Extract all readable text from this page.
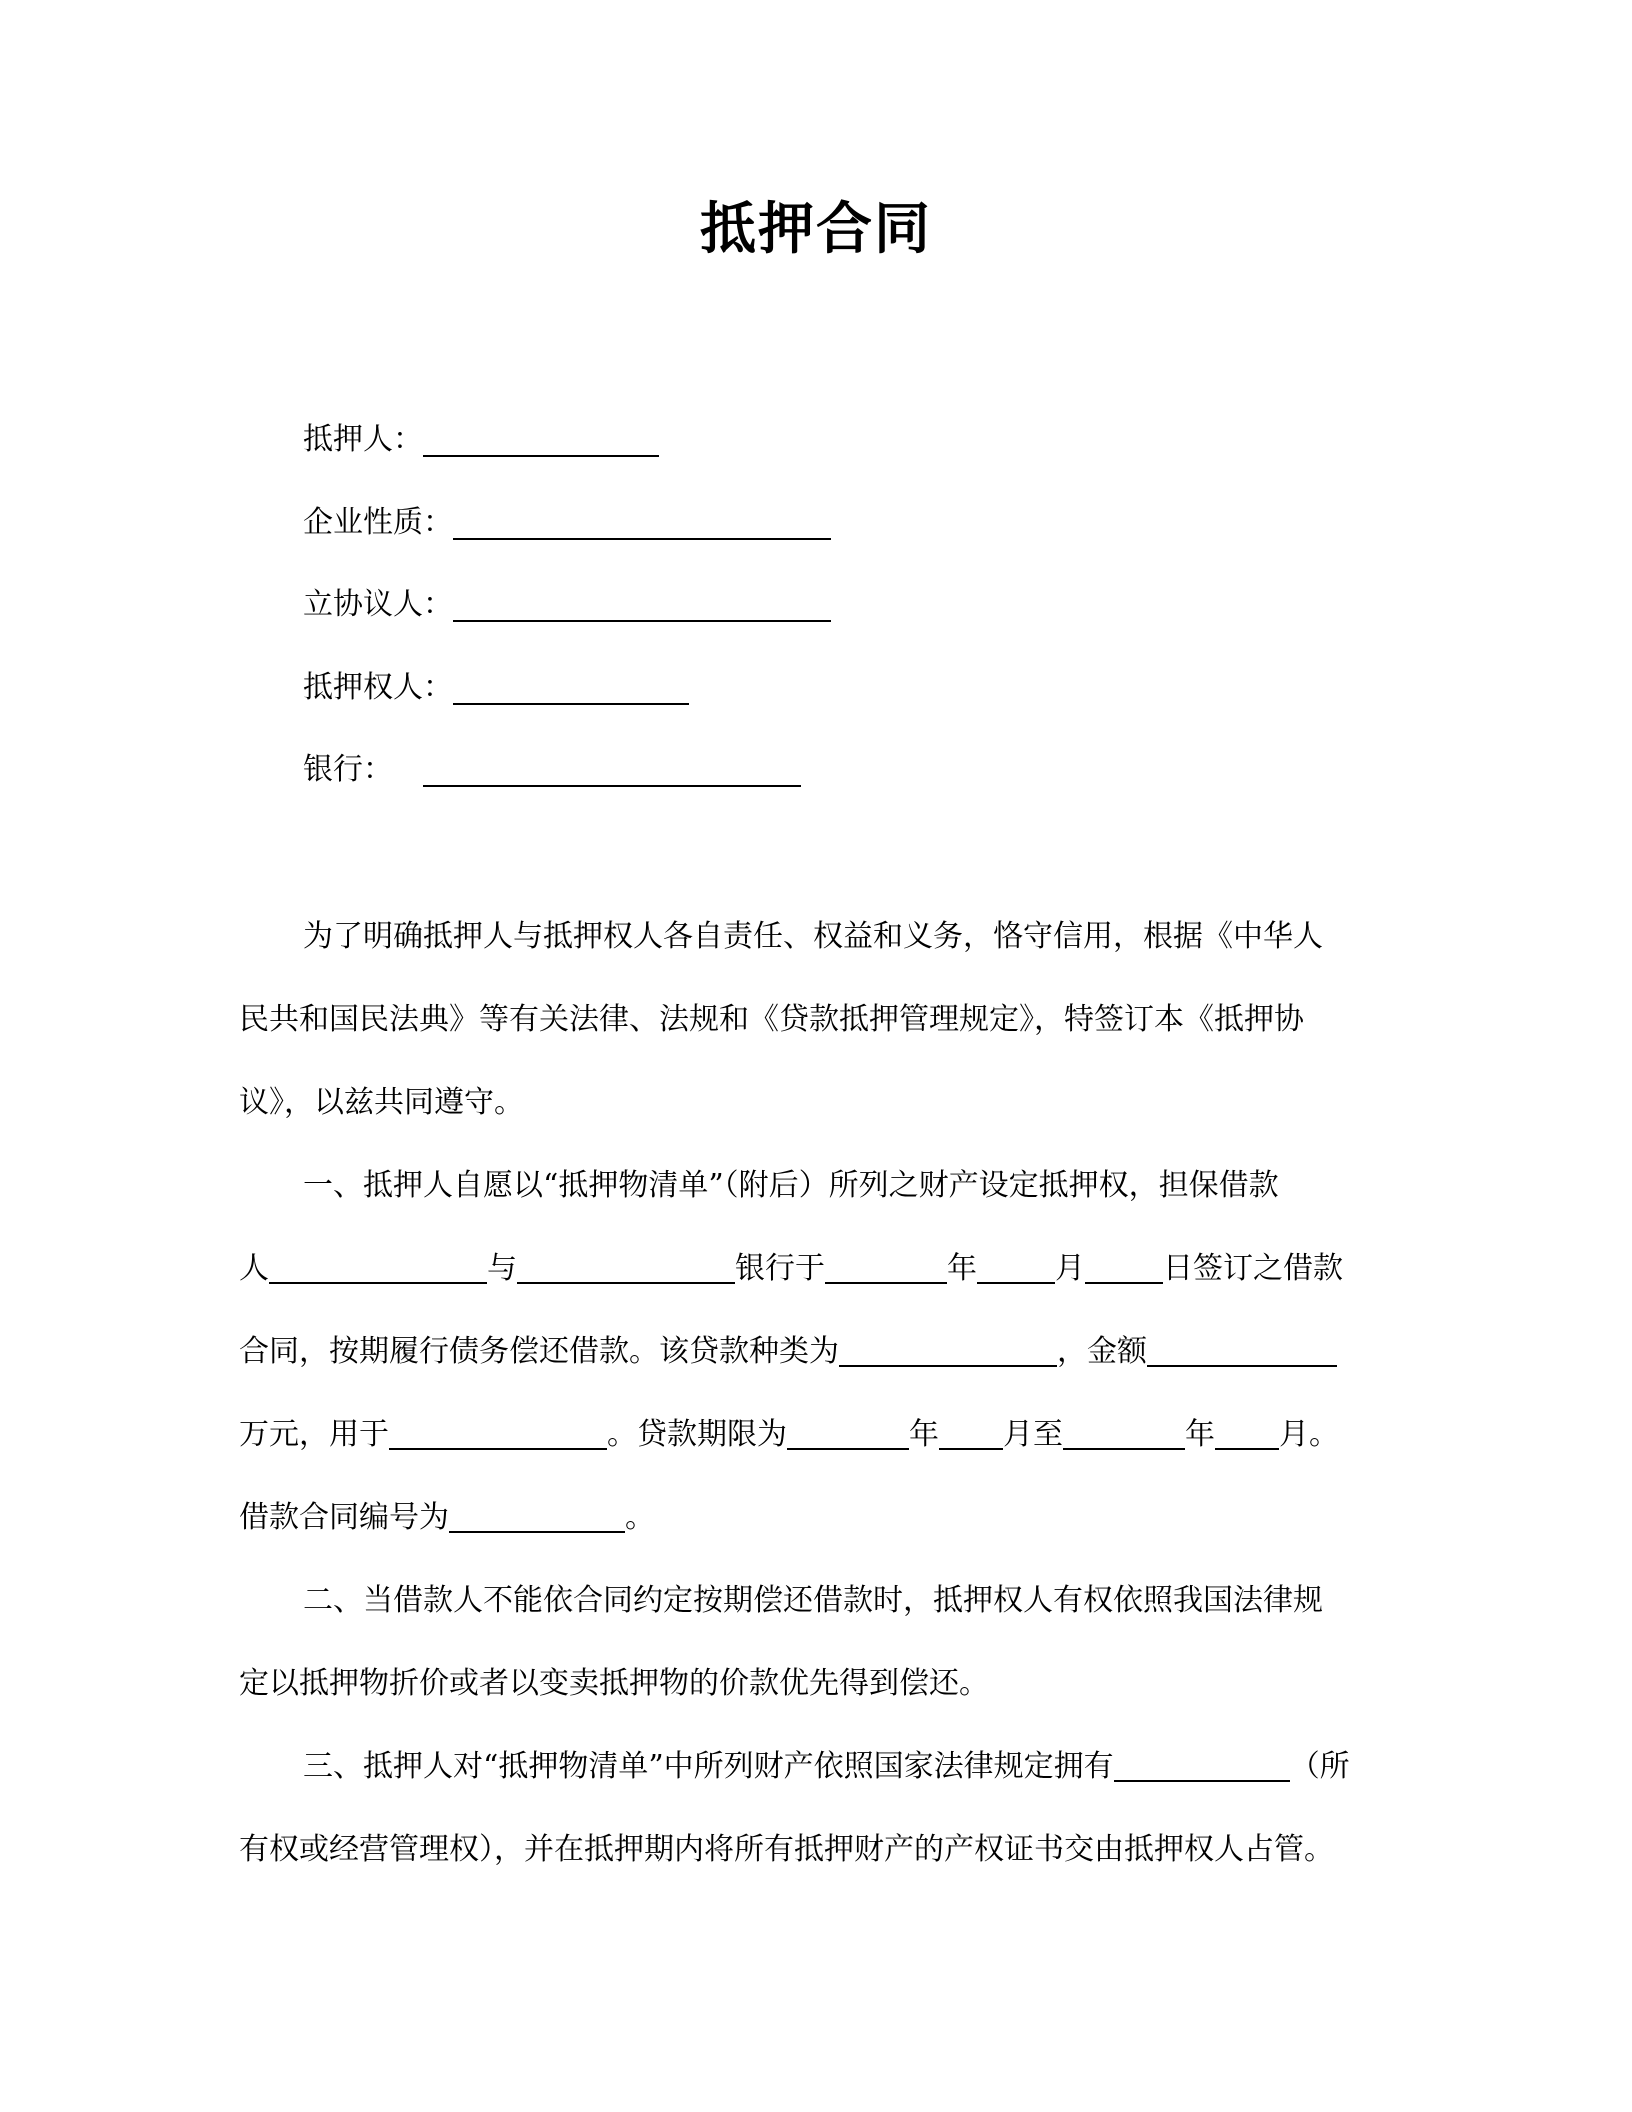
抵押合同
抵押人：
企业性质：
立协议人：
抵押权人：
银行：
为了明确抵押人与抵押权人各自责任、权益和义务，恪守信用，根据《中华人
民共和国民法典》等有关法律、法规和《贷款抵押管理规定》，特签订本《抵押协
议》，以兹共同遵守。
一、抵押人自愿以“抵押物清单”（附后）所列之财产设定抵押权，担保借款
人	与	银行于	年	月	日签订之借款
合同，按期履行债务偿还借款。该贷款种类为	，金额
万元，用于	。贷款期限为	年 月至	年 月。
借款合同编号为	。
二、当借款人不能依合同约定按期偿还借款时，抵押权人有权依照我国法律规
定以抵押物折价或者以变卖抵押物的价款优先得到偿还。
三、抵押人对“抵押物清单”中所列财产依照国家法律规定拥有	（所
有权或经营管理权），并在抵押期内将所有抵押财产的产权证书交由抵押权人占管。
